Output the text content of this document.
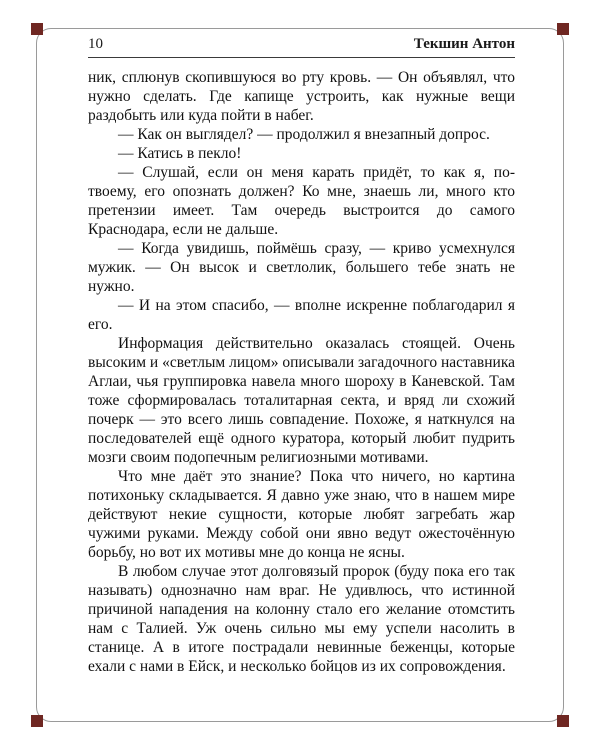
10	Текшин Антон

ник, сплюнув скопившуюся во рту кровь. — Он объявлял, что нужно сделать. Где капище устроить, как нужные вещи раздобыть или куда пойти в набег.

— Как он выглядел? — продолжил я внезапный допрос.

— Катись в пекло!

— Слушай, если он меня карать придёт, то как я, по-твоему, его опознать должен? Ко мне, знаешь ли, много кто претензии имеет. Там очередь выстроится до самого Краснодара, если не дальше.

— Когда увидишь, поймёшь сразу, — криво усмехнулся мужик. — Он высок и светлолик, большего тебе знать не нужно.

— И на этом спасибо, — вполне искренне поблагодарил я его.

Информация действительно оказалась стоящей. Очень высоким и «светлым лицом» описывали загадочного наставника Аглаи, чья группировка навела много шороху в Каневской. Там тоже сформировалась тоталитарная секта, и вряд ли схожий почерк — это всего лишь совпадение. Похоже, я наткнулся на последователей ещё одного куратора, который любит пудрить мозги своим подопечным религиозными мотивами.

Что мне даёт это знание? Пока что ничего, но картина потихоньку складывается. Я давно уже знаю, что в нашем мире действуют некие сущности, которые любят загребать жар чужими руками. Между собой они явно ведут ожесточённую борьбу, но вот их мотивы мне до конца не ясны.

В любом случае этот долговязый пророк (буду пока его так называть) однозначно нам враг. Не удивлюсь, что истинной причиной нападения на колонну стало его желание отомстить нам с Талией. Уж очень сильно мы ему успели насолить в станице. А в итоге пострадали невинные беженцы, которые ехали с нами в Ейск, и несколько бойцов из их сопровождения.
